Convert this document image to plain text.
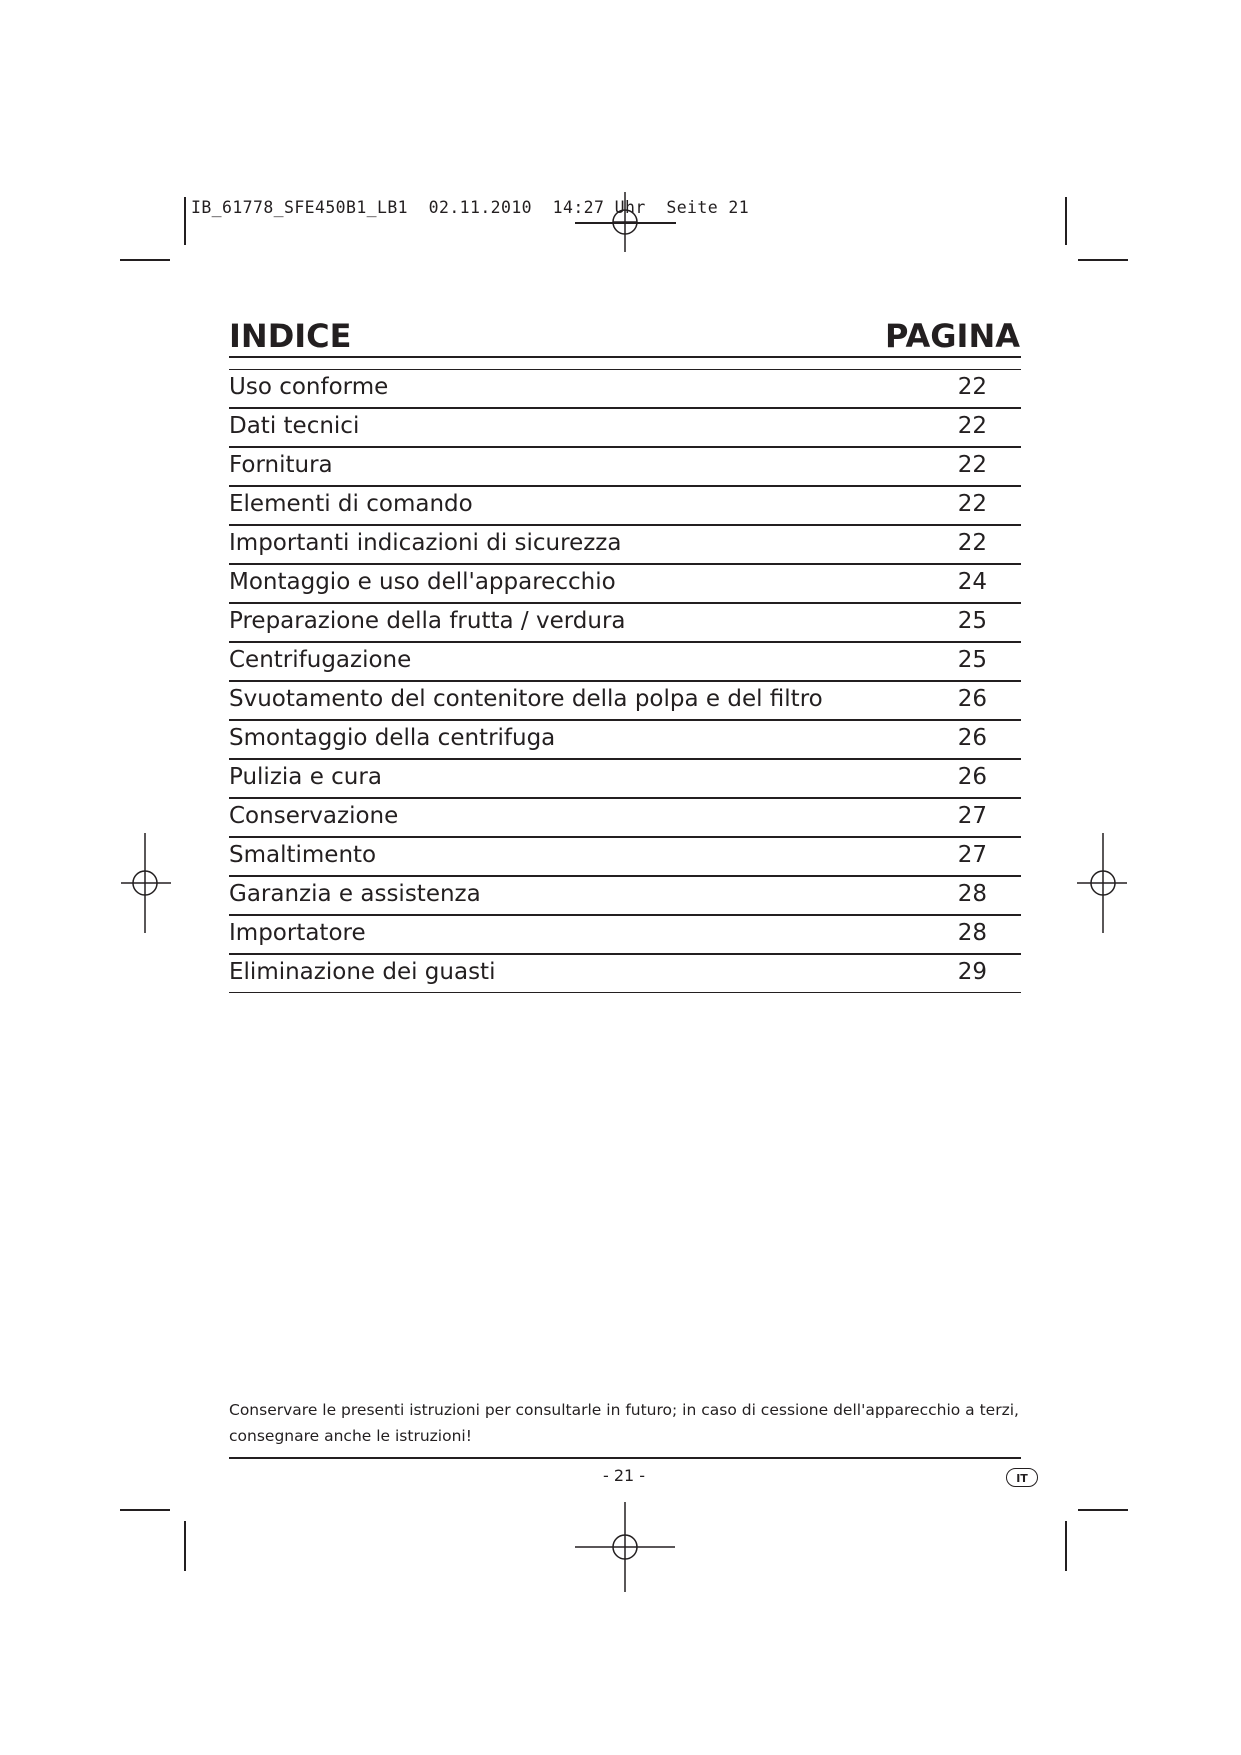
IB_61778_SFE450B1_LB1  02.11.2010  14:27 Uhr  Seite 21
INDICE	PAGINA
Uso conforme	22
Dati tecnici	22
Fornitura	22
Elementi di comando	22
Importanti indicazioni di sicurezza	22
Montaggio e uso dell'apparecchio	24
Preparazione della frutta / verdura	25
Centrifugazione	25
Svuotamento del contenitore della polpa e del filtro	26
Smontaggio della centrifuga	26
Pulizia e cura	26
Conservazione	27
Smaltimento	27
Garanzia e assistenza	28
Importatore	28
Eliminazione dei guasti	29
Conservare le presenti istruzioni per consultarle in futuro; in caso di cessione dell'apparecchio a terzi,
consegnare anche le istruzioni!
- 21 -	IT
